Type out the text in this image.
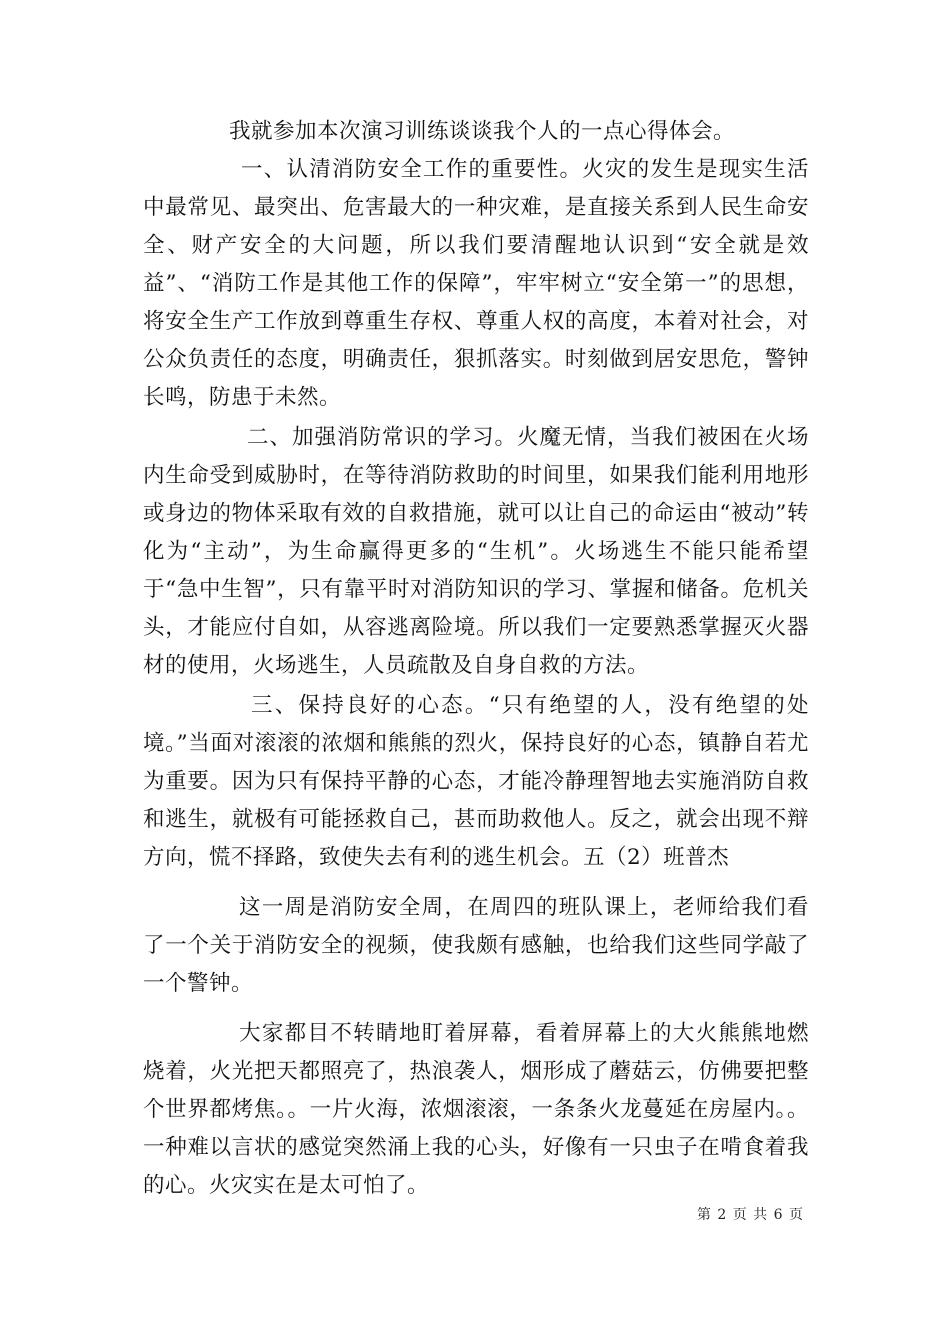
我就参加本次演习训练谈谈我个人的一点心得体会。

一、认清消防安全工作的重要性。火灾的发生是现实生活中最常见、最突出、危害最大的一种灾难，是直接关系到人民生命安全、财产安全的大问题，所以我们要清醒地认识到“安全就是效益”、“消防工作是其他工作的保障”，牢牢树立“安全第一”的思想，将安全生产工作放到尊重生存权、尊重人权的高度，本着对社会，对公众负责任的态度，明确责任，狠抓落实。时刻做到居安思危，警钟长鸣，防患于未然。

二、加强消防常识的学习。火魔无情，当我们被困在火场内生命受到威胁时，在等待消防救助的时间里，如果我们能利用地形或身边的物体采取有效的自救措施，就可以让自己的命运由“被动”转化为“主动”，为生命赢得更多的“生机”。火场逃生不能只能希望于“急中生智”，只有靠平时对消防知识的学习、掌握和储备。危机关头，才能应付自如，从容逃离险境。所以我们一定要熟悉掌握灭火器材的使用，火场逃生，人员疏散及自身自救的方法。

三、保持良好的心态。“只有绝望的人，没有绝望的处境。”当面对滚滚的浓烟和熊熊的烈火，保持良好的心态，镇静自若尤为重要。因为只有保持平静的心态，才能冷静理智地去实施消防自救和逃生，就极有可能拯救自己，甚而助救他人。反之，就会出现不辩方向，慌不择路，致使失去有利的逃生机会。五（2）班普杰

这一周是消防安全周，在周四的班队课上，老师给我们看了一个关于消防安全的视频，使我颇有感触，也给我们这些同学敲了一个警钟。

大家都目不转睛地盯着屏幕，看着屏幕上的大火熊熊地燃烧着，火光把天都照亮了，热浪袭人，烟形成了蘑菇云，仿佛要把整个世界都烤焦。。一片火海，浓烟滚滚，一条条火龙蔓延在房屋内。。一种难以言状的感觉突然涌上我的心头，好像有一只虫子在啃食着我的心。火灾实在是太可怕了。

第 2 页 共 6 页
